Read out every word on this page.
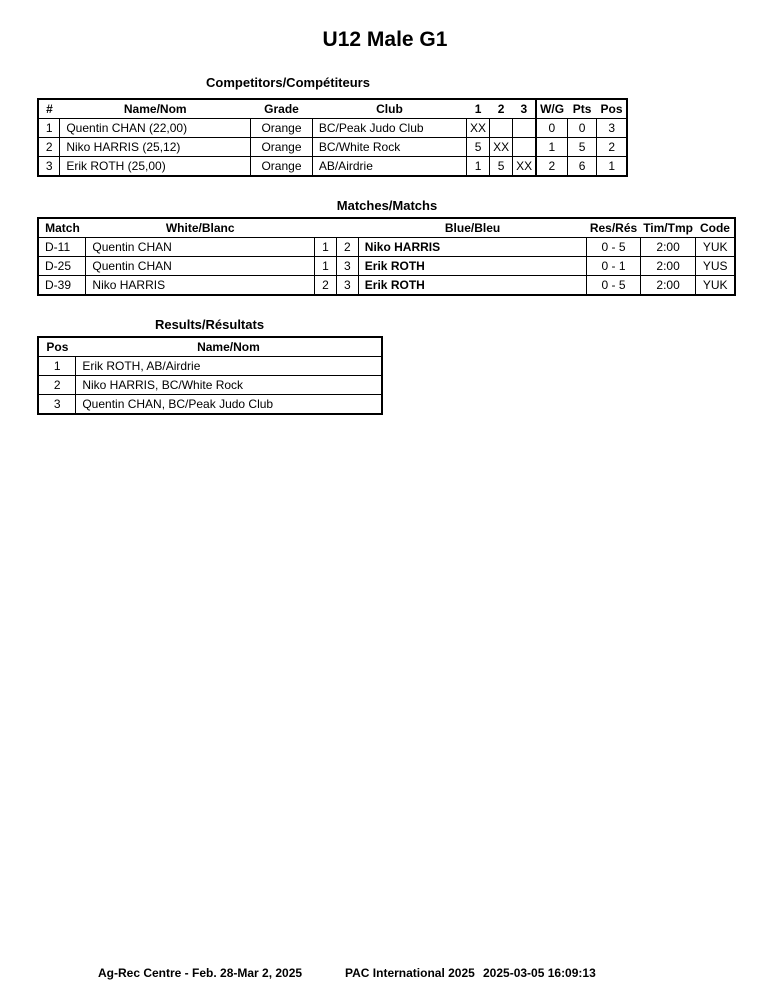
U12 Male G1
Competitors/Compétiteurs
#	Name/Nom	Grade	Club	1	2	3	W/G	Pts	Pos
1	Quentin CHAN (22,00)	Orange	BC/Peak Judo Club	XX			0	0	3
2	Niko HARRIS (25,12)	Orange	BC/White Rock	5	XX		1	5	2
3	Erik ROTH (25,00)	Orange	AB/Airdrie	1	5	XX	2	6	1
Matches/Matchs
Match	White/Blanc			Blue/Bleu	Res/Rés	Tim/Tmp	Code
D-11	Quentin CHAN	1	2	Niko HARRIS	0 - 5	2:00	YUK
D-25	Quentin CHAN	1	3	Erik ROTH	0 - 1	2:00	YUS
D-39	Niko HARRIS	2	3	Erik ROTH	0 - 5	2:00	YUK
Results/Résultats
Pos	Name/Nom
1	Erik ROTH, AB/Airdrie
2	Niko HARRIS, BC/White Rock
3	Quentin CHAN, BC/Peak Judo Club
Ag-Rec Centre - Feb. 28-Mar 2, 2025	PAC International 2025 2025-03-05 16:09:13
